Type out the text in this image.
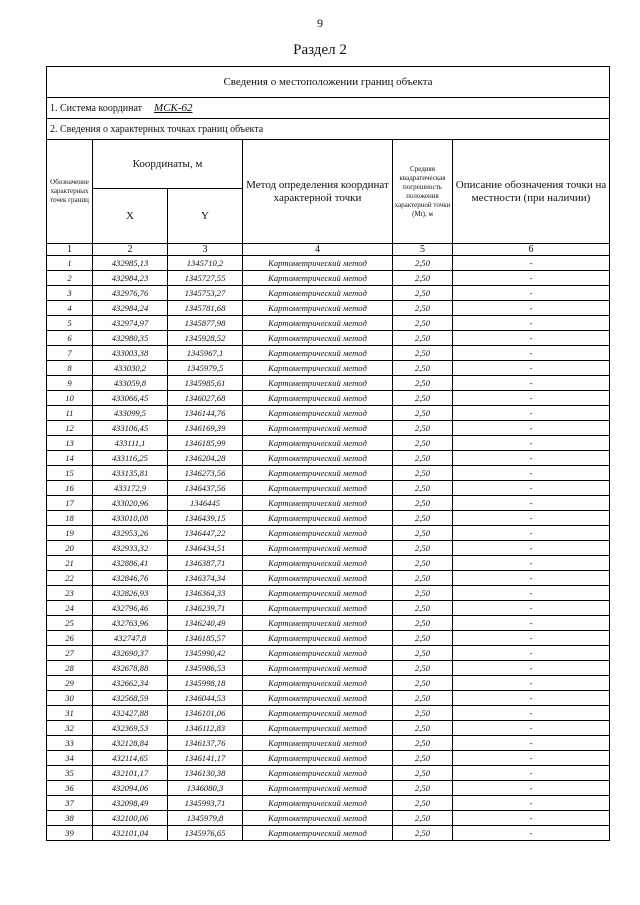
9
Раздел 2
Сведения о местоположении границ объекта					
1. Система координат МСК-62					
2. Сведения о характерных точках границ объекта					
Обозначение характерных точек границ	Координаты, м		Метод определения координат характерной точки	Средняя квадратическая погрешность положения характерной точки (Мt), м	Описание обозначения точки на местности (при наличии)
	X	Y			
1	2	3	4	5	6
1	432985,13	1345710,2	Картометрический метод	2,50	-
2	432984,23	1345727,55	Картометрический метод	2,50	-
3	432976,76	1345753,27	Картометрический метод	2,50	-
4	432984,24	1345781,68	Картометрический метод	2,50	-
5	432974,97	1345877,98	Картометрический метод	2,50	-
6	432980,35	1345928,52	Картометрический метод	2,50	-
7	433003,38	1345967,1	Картометрический метод	2,50	-
8	433030,2	1345979,5	Картометрический метод	2,50	-
9	433059,8	1345985,61	Картометрический метод	2,50	-
10	433066,45	1346027,68	Картометрический метод	2,50	-
11	433099,5	1346144,76	Картометрический метод	2,50	-
12	433106,45	1346169,39	Картометрический метод	2,50	-
13	433111,1	1346185,99	Картометрический метод	2,50	-
14	433116,25	1346204,28	Картометрический метод	2,50	-
15	433135,81	1346273,56	Картометрический метод	2,50	-
16	433172,9	1346437,56	Картометрический метод	2,50	-
17	433020,96	1346445	Картометрический метод	2,50	-
18	433010,08	1346439,15	Картометрический метод	2,50	-
19	432953,26	1346447,22	Картометрический метод	2,50	-
20	432933,32	1346434,51	Картометрический метод	2,50	-
21	432886,41	1346387,71	Картометрический метод	2,50	-
22	432846,76	1346374,34	Картометрический метод	2,50	-
23	432826,93	1346364,33	Картометрический метод	2,50	-
24	432796,46	1346239,71	Картометрический метод	2,50	-
25	432763,96	1346240,49	Картометрический метод	2,50	-
26	432747,8	1346185,57	Картометрический метод	2,50	-
27	432690,37	1345990,42	Картометрический метод	2,50	-
28	432678,88	1345986,53	Картометрический метод	2,50	-
29	432662,34	1345998,18	Картометрический метод	2,50	-
30	432568,59	1346044,53	Картометрический метод	2,50	-
31	432427,88	1346101,06	Картометрический метод	2,50	-
32	432369,53	1346112,83	Картометрический метод	2,50	-
33	432128,84	1346137,76	Картометрический метод	2,50	-
34	432114,65	1346141,17	Картометрический метод	2,50	-
35	432101,17	1346130,38	Картометрический метод	2,50	-
36	432094,06	1346080,3	Картометрический метод	2,50	-
37	432098,49	1345993,71	Картометрический метод	2,50	-
38	432100,06	1345979,8	Картометрический метод	2,50	-
39	432101,04	1345976,65	Картометрический метод	2,50	-
